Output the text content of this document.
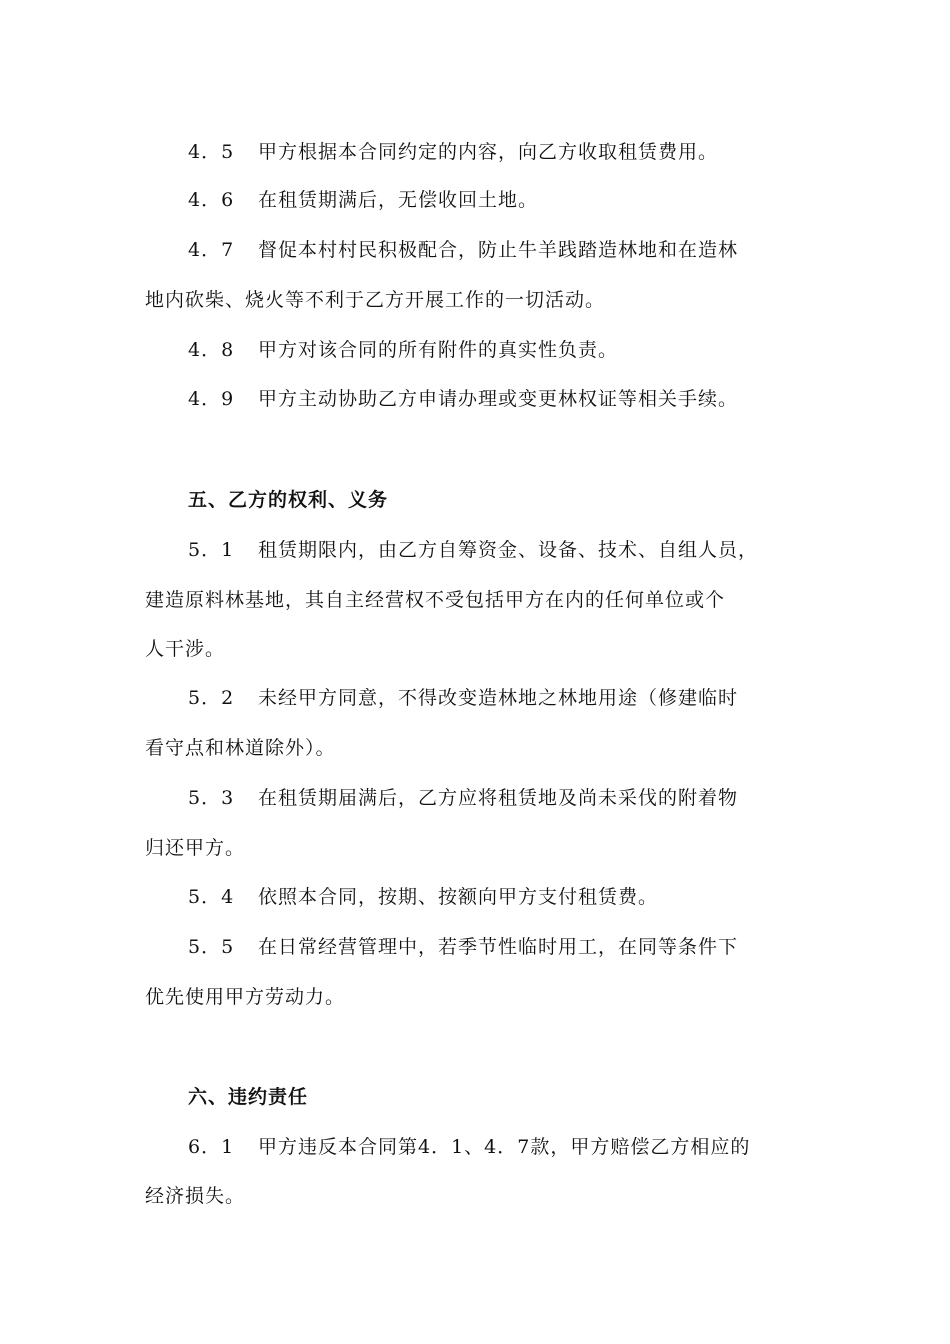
4．5 甲方根据本合同约定的内容，向乙方收取租赁费用。
4．6 在租赁期满后，无偿收回土地。
4．7 督促本村村民积极配合，防止牛羊践踏造林地和在造林
地内砍柴、烧火等不利于乙方开展工作的一切活动。
4．8 甲方对该合同的所有附件的真实性负责。
4．9 甲方主动协助乙方申请办理或变更林权证等相关手续。
五、乙方的权利、义务
5．1 租赁期限内，由乙方自筹资金、设备、技术、自组人员，
建造原料林基地，其自主经营权不受包括甲方在内的任何单位或个
人干涉。
5．2 未经甲方同意，不得改变造林地之林地用途（修建临时
看守点和林道除外）。
5．3 在租赁期届满后，乙方应将租赁地及尚未采伐的附着物
归还甲方。
5．4 依照本合同，按期、按额向甲方支付租赁费。
5．5 在日常经营管理中，若季节性临时用工，在同等条件下
优先使用甲方劳动力。
六、违约责任
6．1 甲方违反本合同第4．1、4．7款，甲方赔偿乙方相应的
经济损失。
